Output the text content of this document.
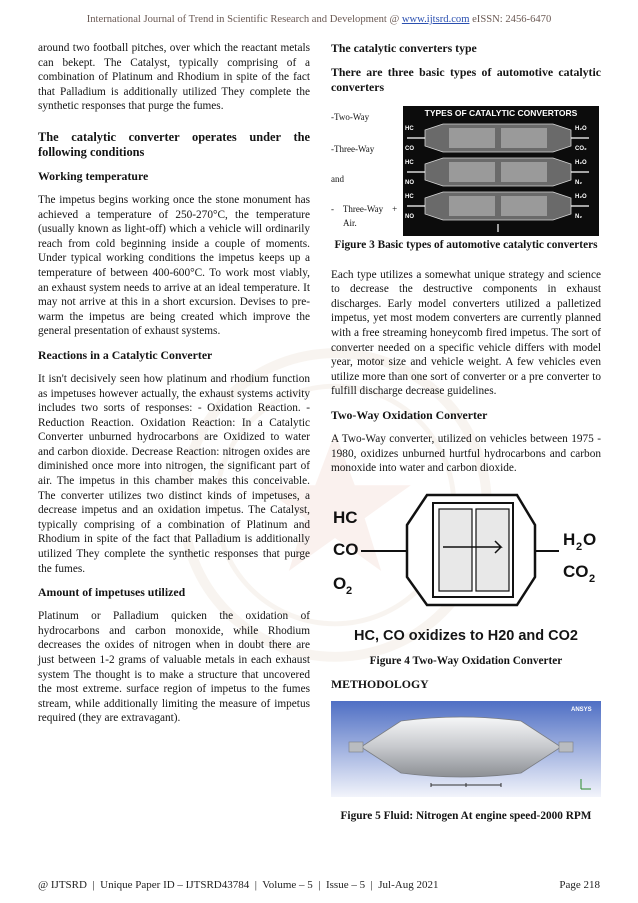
International Journal of Trend in Scientific Research and Development @ www.ijtsrd.com eISSN: 2456-6470

around two football pitches, over which the reactant metals can bekept. The Catalyst, typically comprising of a combination of Platinum and Rhodium in spite of the fact that Palladium is additionally utilized They complete the synthetic responses that purge the fumes.

The catalytic converter operates under the following conditions

Working temperature

The impetus begins working once the stone monument has achieved a temperature of 250-270°C, the temperature (usually known as light-off) which a vehicle will ordinarily reach from cold beginning inside a couple of moments. Under typical working conditions the impetus keeps up a temperature of between 400-600°C. To work most viably, an exhaust system needs to arrive at an ideal temperature. It may not arrive at this in a short excursion. Devises to pre-warm the impetus are being created which improve the general presentation of exhaust systems.

Reactions in a Catalytic Converter

It isn't decisively seen how platinum and rhodium function as impetuses however actually, the exhaust systems activity includes two sorts of responses: - Oxidation Reaction. - Reduction Reaction. Oxidation Reaction: In a Catalytic Converter unburned hydrocarbons are Oxidized to water and carbon dioxide. Decrease Reaction: nitrogen oxides are diminished once more into nitrogen, the significant part of air. The impetus in this chamber makes this conceivable. The converter utilizes two distinct kinds of impetuses, a decrease impetus and an oxidation impetus. The Catalyst, typically comprising of a combination of Platinum and Rhodium in spite of the fact that Palladium is additionally utilized They complete the synthetic responses that purge the fumes.

Amount of impetuses utilized

Platinum or Palladium quicken the oxidation of hydrocarbons and carbon monoxide, while Rhodium decreases the oxides of nitrogen when in doubt there are just between 1-2 grams of valuable metals in each exhaust system The thought is to make a structure that uncovered the most extreme. surface region of impetus to the fumes stream, while additionally limiting the measure of impetus required (they are extravagant).

The catalytic converters type

There are three basic types of automotive catalytic converters

-Two-Way
-Three-Way
and
-    Three-Way    +
Air.
TYPES OF CATALYTIC CONVERTORS
HC
CO
HC
NO
HC
NO
H₂O
CO₂
H₂O
N₂
H₂O
N₂

Figure 3 Basic types of automotive catalytic converters

Each type utilizes a somewhat unique strategy and science to decrease the destructive components in exhaust discharges. Early model converters utilized a palletized impetus, yet most modem converters are currently planned with a free streaming honeycomb fired impetus. The sort of converter needed on a specific vehicle differs with model year, motor size and vehicle weight. A few vehicles even utilize more than one sort of converter or a pre converter to fulfill discharge decrease guidelines.

Two-Way Oxidation Converter

A Two-Way converter, utilized on vehicles between 1975 - 1980, oxidizes unburned hurtful hydrocarbons and carbon monoxide into water and carbon dioxide.

HC
CO
O 2
H 2 O
CO 2

HC, CO oxidizes to H20 and CO2

Figure 4 Two-Way Oxidation Converter

METHODOLOGY

ANSYS

Figure 5 Fluid: Nitrogen At engine speed-2000 RPM

@ IJTSRD  |  Unique Paper ID – IJTSRD43784  |  Volume – 5  |  Issue – 5  |  Jul-Aug 2021	Page 218
